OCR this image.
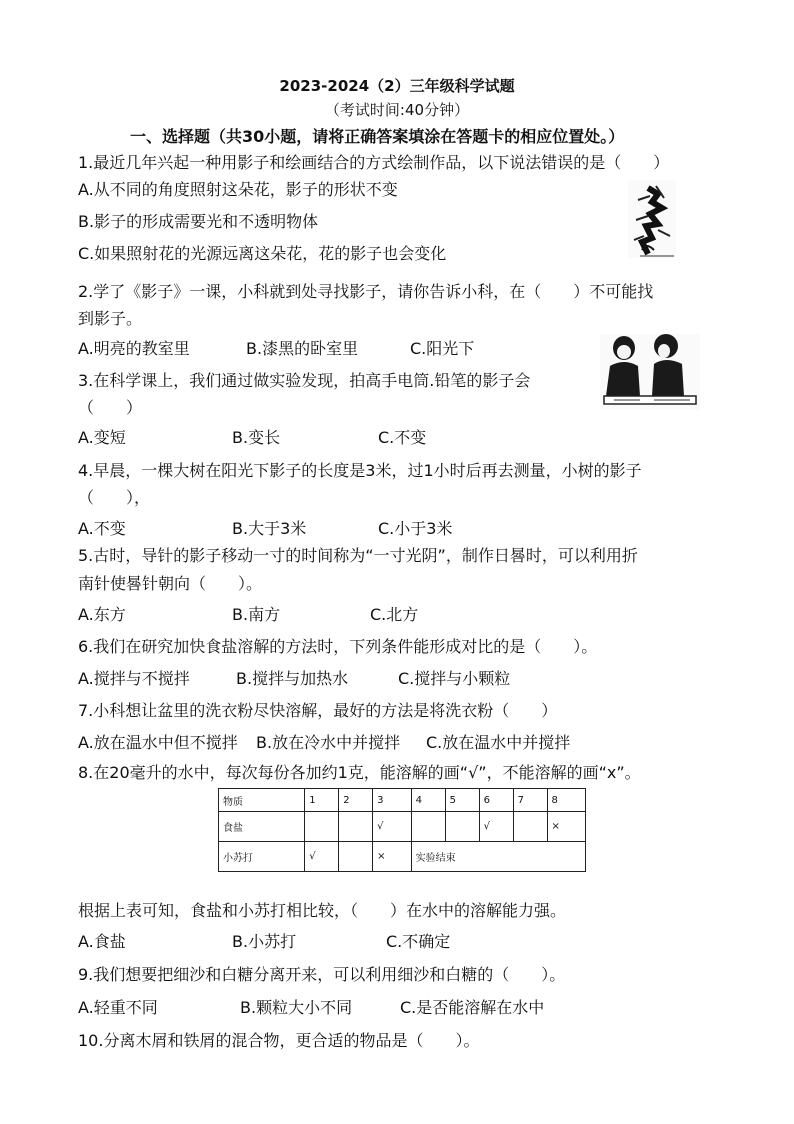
2023-2024（2）三年级科学试题
（考试时间:40分钟）
一、选择题（共30小题，请将正确答案填涂在答题卡的相应位置处。）
1.最近几年兴起一种用影子和绘画结合的方式绘制作品，以下说法错误的是（　　）
A.从不同的角度照射这朵花，影子的形状不变
B.影子的形成需要光和不透明物体
C.如果照射花的光源远离这朵花，花的影子也会变化
2.学了《影子》一课，小科就到处寻找影子，请你告诉小科，在（　　）不可能找
到影子。
A.明亮的教室里	B.漆黑的卧室里	C.阳光下
3.在科学课上，我们通过做实验发现，拍高手电筒.铅笔的影子会
（　　）
A.变短	B.变长	C.不变
4.早晨，一棵大树在阳光下影子的长度是3米，过1小时后再去测量，小树的影子
（　　），
A.不变	B.大于3米	C.小于3米
5.古时，导针的影子移动一寸的时间称为“一寸光阴”，制作日晷时，可以利用折
南针使晷针朝向（　　）。
A.东方	B.南方	C.北方
6.我们在研究加快食盐溶解的方法时，下列条件能形成对比的是（　　）。
A.搅拌与不搅拌	B.搅拌与加热水	C.搅拌与小颗粒
7.小科想让盆里的洗衣粉尽快溶解，最好的方法是将洗衣粉（　　）
A.放在温水中但不搅拌 B.放在冷水中并搅拌 C.放在温水中并搅拌
8.在20毫升的水中，每次每份各加约1克，能溶解的画“√”，不能溶解的画“x”。
物质	1	2	3	4	5	6	7	8
食盐			√			√		×
小苏打	√		×	实验结束				
根据上表可知，食盐和小苏打相比较，（　　）在水中的溶解能力强。
A.食盐	B.小苏打	C.不确定
9.我们想要把细沙和白糖分离开来，可以利用细沙和白糖的（　　）。
A.轻重不同	B.颗粒大小不同	C.是否能溶解在水中
10.分离木屑和铁屑的混合物，更合适的物品是（　　）。
